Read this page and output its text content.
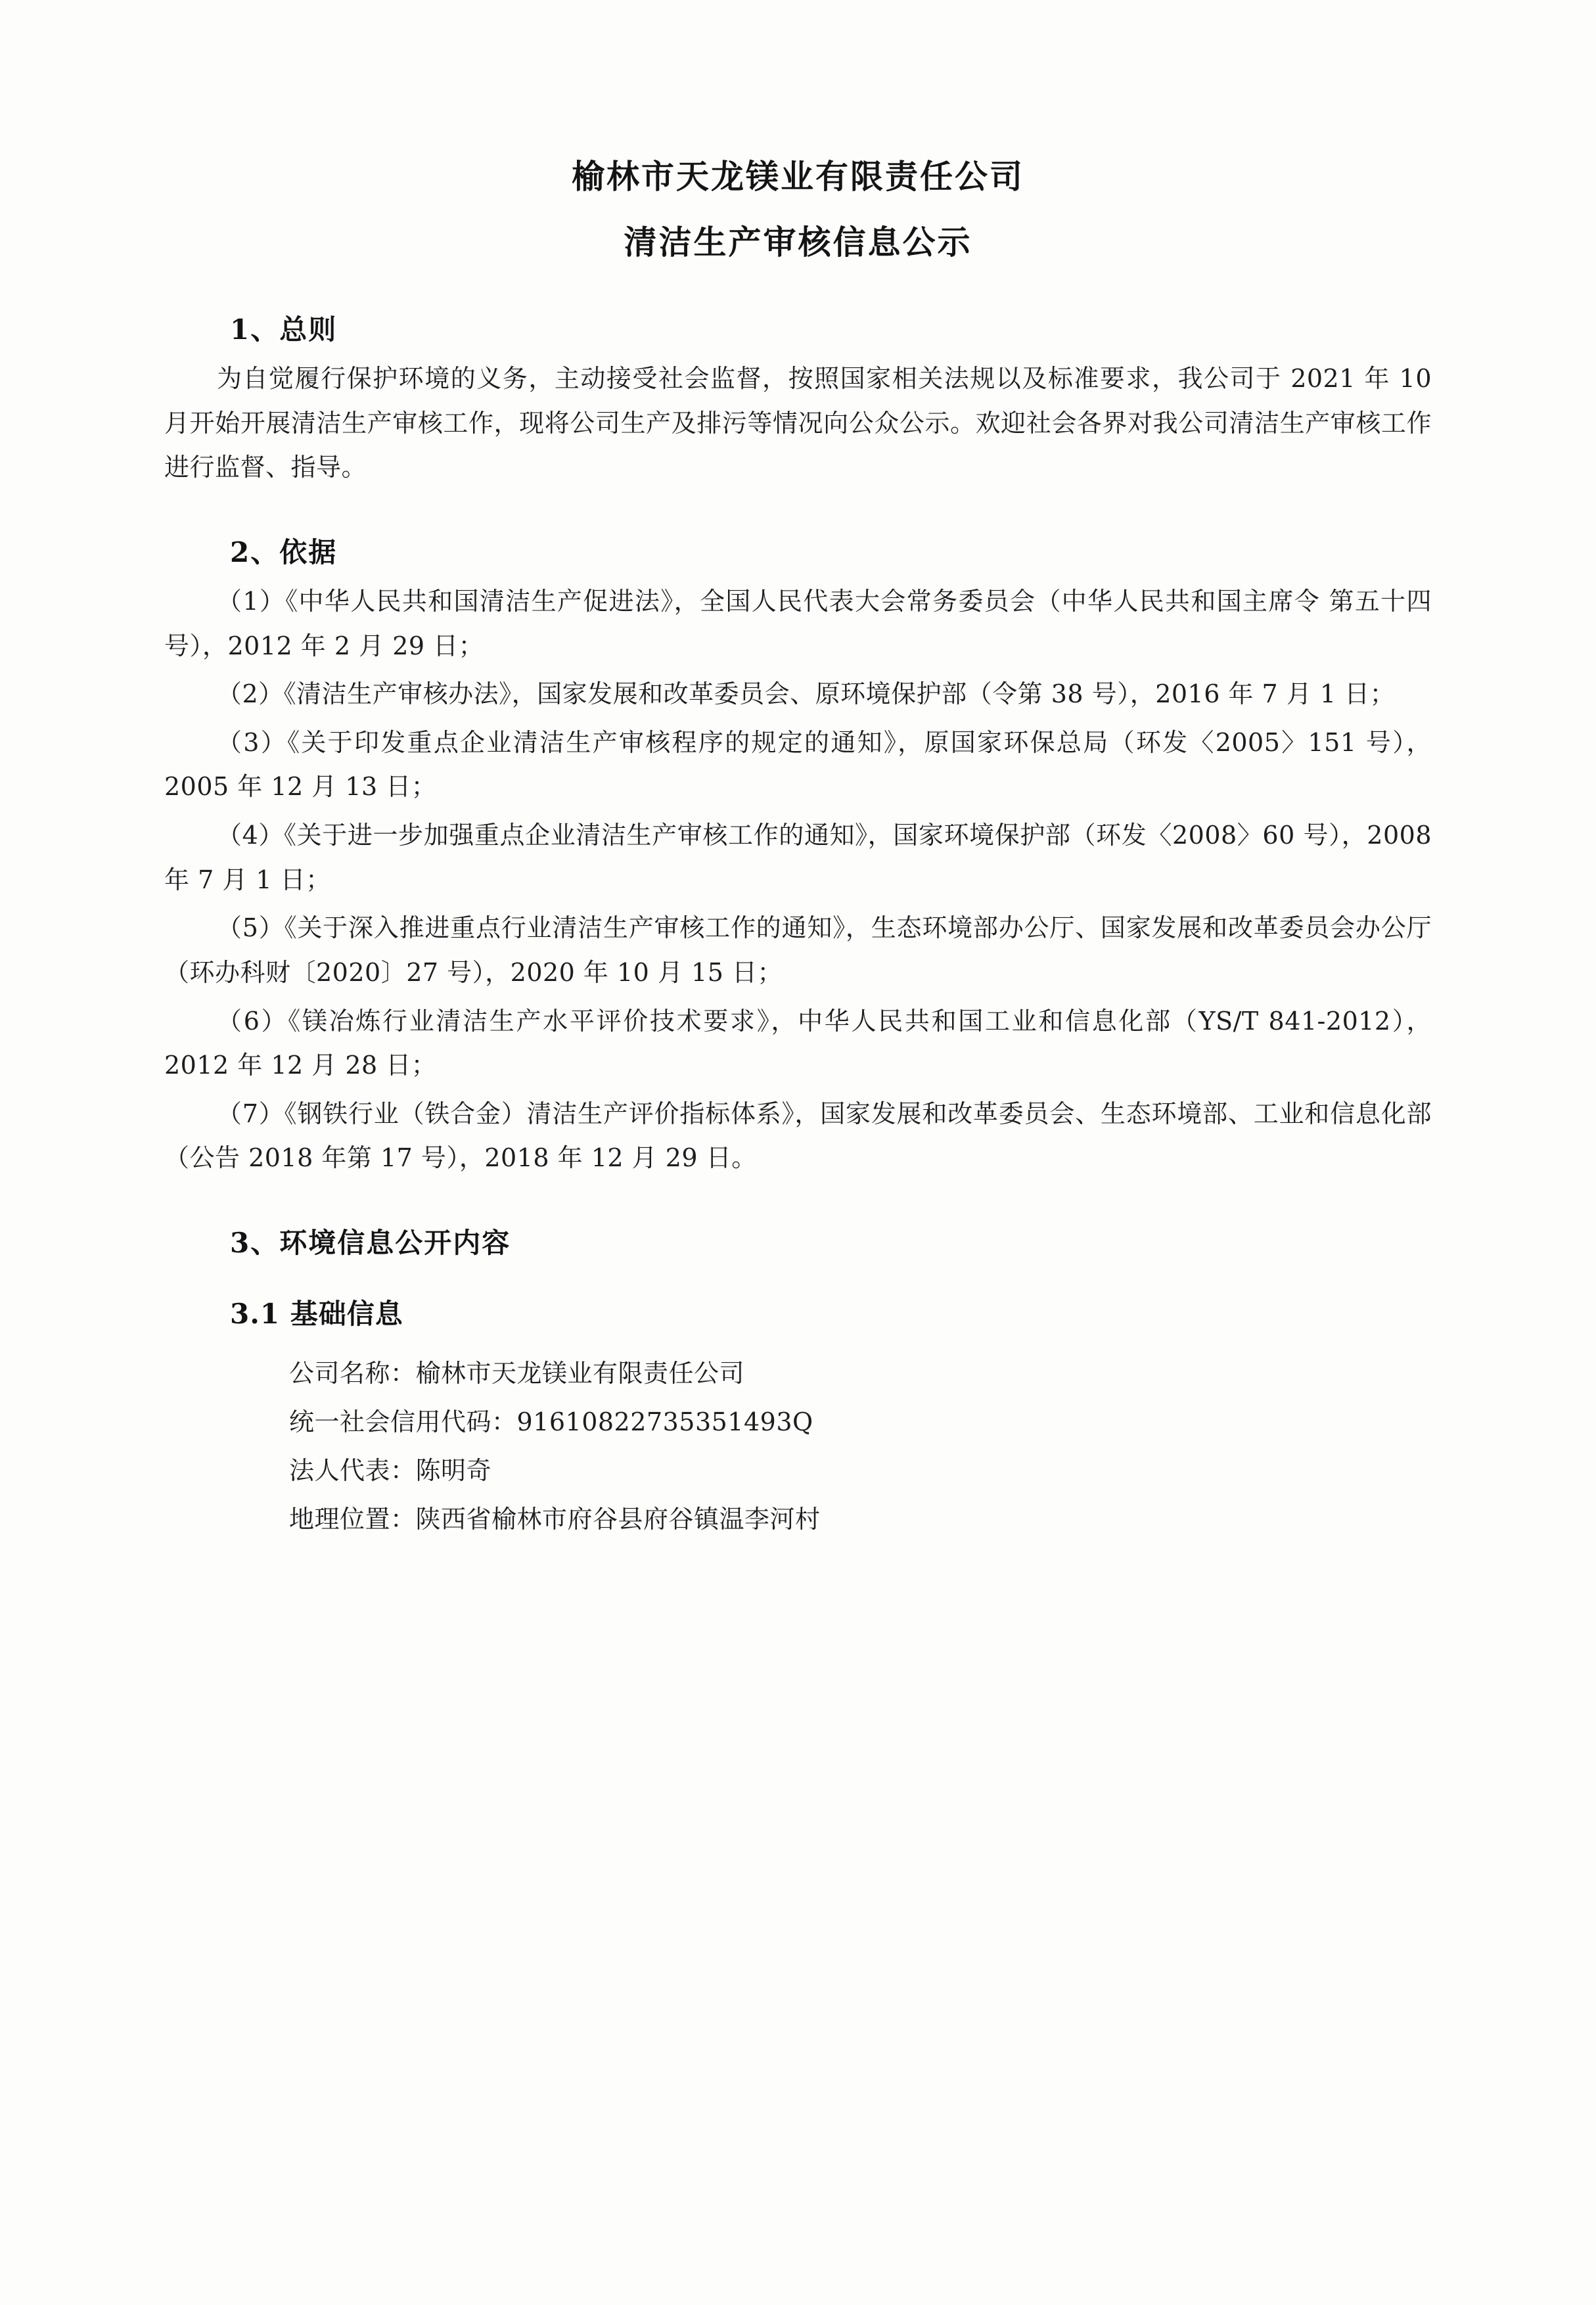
榆林市天龙镁业有限责任公司
清洁生产审核信息公示
1、总则

为自觉履行保护环境的义务，主动接受社会监督，按照国家相关法规以及标准要求，我公司于 2021 年 10 月开始开展清洁生产审核工作，现将公司生产及排污等情况向公众公示。欢迎社会各界对我公司清洁生产审核工作进行监督、指导。

2、依据

（1）《中华人民共和国清洁生产促进法》，全国人民代表大会常务委员会（中华人民共和国主席令 第五十四号），2012 年 2 月 29 日；

（2）《清洁生产审核办法》，国家发展和改革委员会、原环境保护部（令第 38 号），2016 年 7 月 1 日；

（3）《关于印发重点企业清洁生产审核程序的规定的通知》，原国家环保总局（环发〈2005〉151 号），2005 年 12 月 13 日；

（4）《关于进一步加强重点企业清洁生产审核工作的通知》，国家环境保护部（环发〈2008〉60 号），2008 年 7 月 1 日；

（5）《关于深入推进重点行业清洁生产审核工作的通知》，生态环境部办公厅、国家发展和改革委员会办公厅（环办科财〔2020〕27 号），2020 年 10 月 15 日；

（6）《镁冶炼行业清洁生产水平评价技术要求》，中华人民共和国工业和信息化部（YS/T 841-2012），2012 年 12 月 28 日；

（7）《钢铁行业（铁合金）清洁生产评价指标体系》，国家发展和改革委员会、生态环境部、工业和信息化部（公告 2018 年第 17 号），2018 年 12 月 29 日。

3、环境信息公开内容
3.1 基础信息
公司名称：榆林市天龙镁业有限责任公司
统一社会信用代码：91610822735351493Q
法人代表：陈明奇
地理位置：陕西省榆林市府谷县府谷镇温李河村
